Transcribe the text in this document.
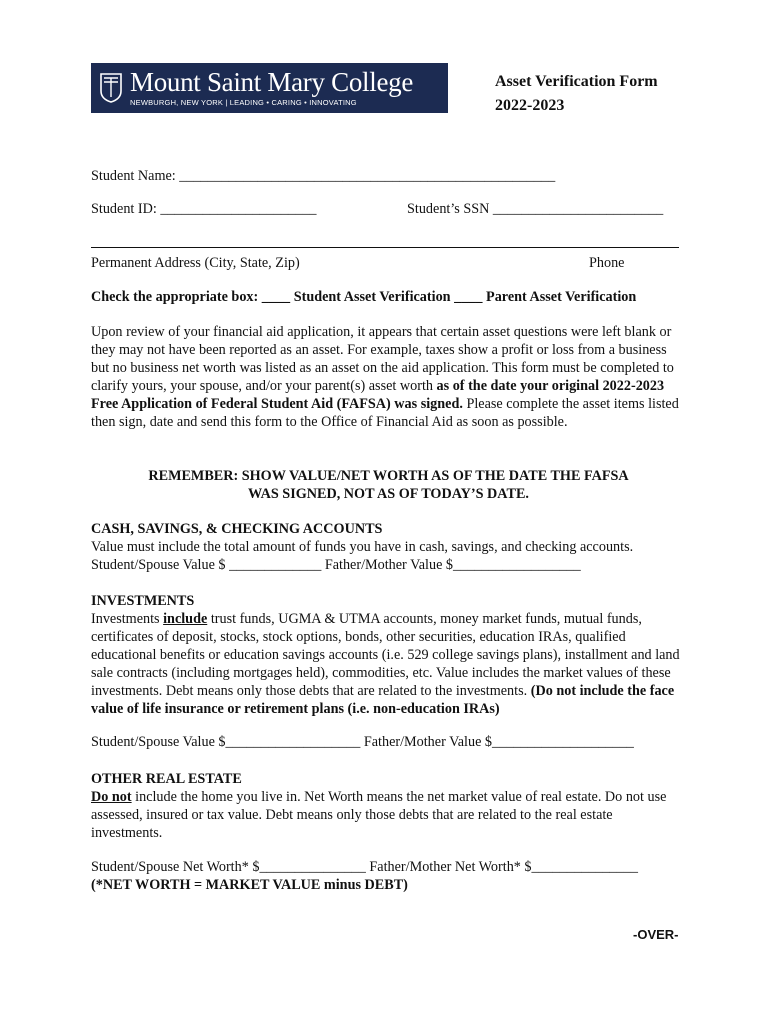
Mount Saint Mary College
NEWBURGH, NEW YORK | LEADING • CARING • INNOVATING
Asset Verification Form
2022-2023
Student Name: _____________________________________________________
Student ID: ______________________	Student’s SSN ________________________
Permanent Address (City, State, Zip)	Phone
Check the appropriate box: ____ Student Asset Verification ____ Parent Asset Verification
Upon review of your financial aid application, it appears that certain asset questions were left blank or they may not have been reported as an asset. For example, taxes show a profit or loss from a business but no business net worth was listed as an asset on the aid application. This form must be completed to clarify yours, your spouse, and/or your parent(s) asset worth as of the date your original 2022-2023 Free Application of Federal Student Aid (FAFSA) was signed. Please complete the asset items listed then sign, date and send this form to the Office of Financial Aid as soon as possible.
REMEMBER: SHOW VALUE/NET WORTH AS OF THE DATE THE FAFSA
WAS SIGNED, NOT AS OF TODAY’S DATE.
CASH, SAVINGS, & CHECKING ACCOUNTS
Value must include the total amount of funds you have in cash, savings, and checking accounts.
Student/Spouse Value $ _____________ Father/Mother Value $__________________
INVESTMENTS
Investments include trust funds, UGMA & UTMA accounts, money market funds, mutual funds, certificates of deposit, stocks, stock options, bonds, other securities, education IRAs, qualified educational benefits or education savings accounts (i.e. 529 college savings plans), installment and land sale contracts (including mortgages held), commodities, etc. Value includes the market values of these investments. Debt means only those debts that are related to the investments. (Do not include the face value of life insurance or retirement plans (i.e. non-education IRAs)
Student/Spouse Value $___________________ Father/Mother Value $____________________
OTHER REAL ESTATE
Do not include the home you live in. Net Worth means the net market value of real estate. Do not use assessed, insured or tax value. Debt means only those debts that are related to the real estate investments.
Student/Spouse Net Worth* $_______________ Father/Mother Net Worth* $_______________
(*NET WORTH = MARKET VALUE minus DEBT)
-OVER-
